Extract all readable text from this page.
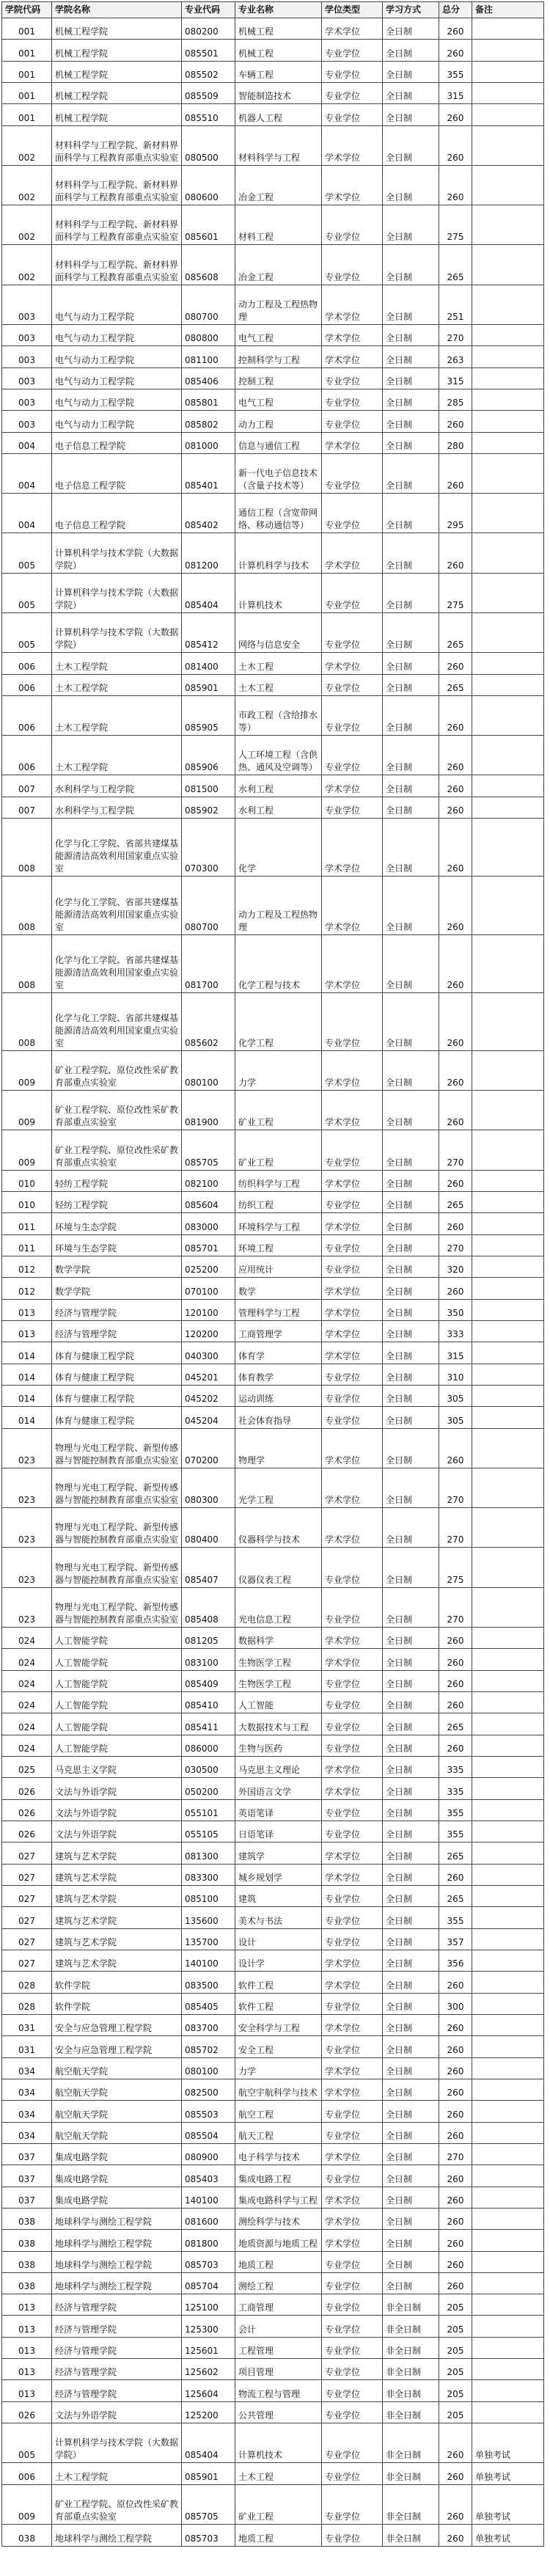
学院代码	学院名称	专业代码	专业名称	学位类型	学习方式	总分	备注
001	机械工程学院	080200	机械工程	学术学位	全日制	260	
001	机械工程学院	085501	机械工程	专业学位	全日制	260	
001	机械工程学院	085502	车辆工程	专业学位	全日制	355	
001	机械工程学院	085509	智能制造技术	专业学位	全日制	315	
001	机械工程学院	085510	机器人工程	专业学位	全日制	260	
002	材料科学与工程学院、新材料界面科学与工程教育部重点实验室	080500	材料科学与工程	学术学位	全日制	260	
002	材料科学与工程学院、新材料界面科学与工程教育部重点实验室	080600	冶金工程	学术学位	全日制	260	
002	材料科学与工程学院、新材料界面科学与工程教育部重点实验室	085601	材料工程	专业学位	全日制	275	
002	材料科学与工程学院、新材料界面科学与工程教育部重点实验室	085608	冶金工程	专业学位	全日制	265	
003	电气与动力工程学院	080700	动力工程及工程热物理	学术学位	全日制	251	
003	电气与动力工程学院	080800	电气工程	学术学位	全日制	270	
003	电气与动力工程学院	081100	控制科学与工程	学术学位	全日制	263	
003	电气与动力工程学院	085406	控制工程	专业学位	全日制	315	
003	电气与动力工程学院	085801	电气工程	专业学位	全日制	285	
003	电气与动力工程学院	085802	动力工程	专业学位	全日制	260	
004	电子信息工程学院	081000	信息与通信工程	学术学位	全日制	280	
004	电子信息工程学院	085401	新一代电子信息技术（含量子技术等）	专业学位	全日制	260	
004	电子信息工程学院	085402	通信工程（含宽带网络、移动通信等）	专业学位	全日制	295	
005	计算机科学与技术学院（大数据学院）	081200	计算机科学与技术	学术学位	全日制	260	
005	计算机科学与技术学院（大数据学院）	085404	计算机技术	专业学位	全日制	275	
005	计算机科学与技术学院（大数据学院）	085412	网络与信息安全	专业学位	全日制	265	
006	土木工程学院	081400	土木工程	学术学位	全日制	260	
006	土木工程学院	085901	土木工程	专业学位	全日制	265	
006	土木工程学院	085905	市政工程（含给排水等）	专业学位	全日制	260	
006	土木工程学院	085906	人工环境工程（含供热、通风及空调等）	专业学位	全日制	260	
007	水利科学与工程学院	081500	水利工程	学术学位	全日制	260	
007	水利科学与工程学院	085902	水利工程	专业学位	全日制	260	
008	化学与化工学院、省部共建煤基能源清洁高效利用国家重点实验室	070300	化学	学术学位	全日制	260	
008	化学与化工学院、省部共建煤基能源清洁高效利用国家重点实验室	080700	动力工程及工程热物理	学术学位	全日制	260	
008	化学与化工学院、省部共建煤基能源清洁高效利用国家重点实验室	081700	化学工程与技术	学术学位	全日制	260	
008	化学与化工学院、省部共建煤基能源清洁高效利用国家重点实验室	085602	化学工程	专业学位	全日制	260	
009	矿业工程学院、原位改性采矿教育部重点实验室	080100	力学	学术学位	全日制	260	
009	矿业工程学院、原位改性采矿教育部重点实验室	081900	矿业工程	学术学位	全日制	260	
009	矿业工程学院、原位改性采矿教育部重点实验室	085705	矿业工程	专业学位	全日制	270	
010	轻纺工程学院	082100	纺织科学与工程	学术学位	全日制	260	
010	轻纺工程学院	085604	纺织工程	专业学位	全日制	265	
011	环境与生态学院	083000	环境科学与工程	学术学位	全日制	260	
011	环境与生态学院	085701	环境工程	专业学位	全日制	270	
012	数学学院	025200	应用统计	专业学位	全日制	320	
012	数学学院	070100	数学	学术学位	全日制	260	
013	经济与管理学院	120100	管理科学与工程	学术学位	全日制	350	
013	经济与管理学院	120200	工商管理学	学术学位	全日制	333	
014	体育与健康工程学院	040300	体育学	学术学位	全日制	315	
014	体育与健康工程学院	045201	体育教学	专业学位	全日制	310	
014	体育与健康工程学院	045202	运动训练	专业学位	全日制	305	
014	体育与健康工程学院	045204	社会体育指导	专业学位	全日制	305	
023	物理与光电工程学院、新型传感器与智能控制教育部重点实验室	070200	物理学	学术学位	全日制	260	
023	物理与光电工程学院、新型传感器与智能控制教育部重点实验室	080300	光学工程	学术学位	全日制	270	
023	物理与光电工程学院、新型传感器与智能控制教育部重点实验室	080400	仪器科学与技术	学术学位	全日制	270	
023	物理与光电工程学院、新型传感器与智能控制教育部重点实验室	085407	仪器仪表工程	专业学位	全日制	275	
023	物理与光电工程学院、新型传感器与智能控制教育部重点实验室	085408	光电信息工程	专业学位	全日制	270	
024	人工智能学院	081205	数据科学	学术学位	全日制	260	
024	人工智能学院	083100	生物医学工程	学术学位	全日制	260	
024	人工智能学院	085409	生物医学工程	专业学位	全日制	260	
024	人工智能学院	085410	人工智能	专业学位	全日制	260	
024	人工智能学院	085411	大数据技术与工程	专业学位	全日制	265	
024	人工智能学院	086000	生物与医药	专业学位	全日制	260	
025	马克思主义学院	030500	马克思主义理论	学术学位	全日制	335	
026	文法与外语学院	050200	外国语言文学	学术学位	全日制	335	
026	文法与外语学院	055101	英语笔译	专业学位	全日制	355	
026	文法与外语学院	055105	日语笔译	专业学位	全日制	355	
027	建筑与艺术学院	081300	建筑学	学术学位	全日制	265	
027	建筑与艺术学院	083300	城乡规划学	学术学位	全日制	260	
027	建筑与艺术学院	085100	建筑	专业学位	全日制	265	
027	建筑与艺术学院	135600	美术与书法	专业学位	全日制	355	
027	建筑与艺术学院	135700	设计	专业学位	全日制	357	
027	建筑与艺术学院	140100	设计学	学术学位	全日制	356	
028	软件学院	083500	软件工程	学术学位	全日制	260	
028	软件学院	085405	软件工程	专业学位	全日制	300	
031	安全与应急管理工程学院	083700	安全科学与工程	学术学位	全日制	260	
031	安全与应急管理工程学院	085702	安全工程	专业学位	全日制	260	
034	航空航天学院	080100	力学	学术学位	全日制	260	
034	航空航天学院	082500	航空宇航科学与技术	学术学位	全日制	260	
034	航空航天学院	085503	航空工程	专业学位	全日制	260	
034	航空航天学院	085504	航天工程	专业学位	全日制	260	
037	集成电路学院	080900	电子科学与技术	学术学位	全日制	270	
037	集成电路学院	085403	集成电路工程	专业学位	全日制	260	
037	集成电路学院	140100	集成电路科学与工程	学术学位	全日制	260	
038	地球科学与测绘工程学院	081600	测绘科学与技术	学术学位	全日制	260	
038	地球科学与测绘工程学院	081800	地质资源与地质工程	学术学位	全日制	260	
038	地球科学与测绘工程学院	085703	地质工程	专业学位	全日制	260	
038	地球科学与测绘工程学院	085704	测绘工程	专业学位	全日制	260	
013	经济与管理学院	125100	工商管理	专业学位	非全日制	205	
013	经济与管理学院	125300	会计	专业学位	非全日制	205	
013	经济与管理学院	125601	工程管理	专业学位	非全日制	205	
013	经济与管理学院	125602	项目管理	专业学位	非全日制	205	
013	经济与管理学院	125604	物流工程与管理	专业学位	非全日制	205	
026	文法与外语学院	125200	公共管理	专业学位	非全日制	205	
005	计算机科学与技术学院（大数据学院）	085404	计算机技术	专业学位	非全日制	260	单独考试
006	土木工程学院	085901	土木工程	专业学位	非全日制	260	单独考试
009	矿业工程学院、原位改性采矿教育部重点实验室	085705	矿业工程	专业学位	非全日制	260	单独考试
038	地球科学与测绘工程学院	085703	地质工程	专业学位	非全日制	260	单独考试
